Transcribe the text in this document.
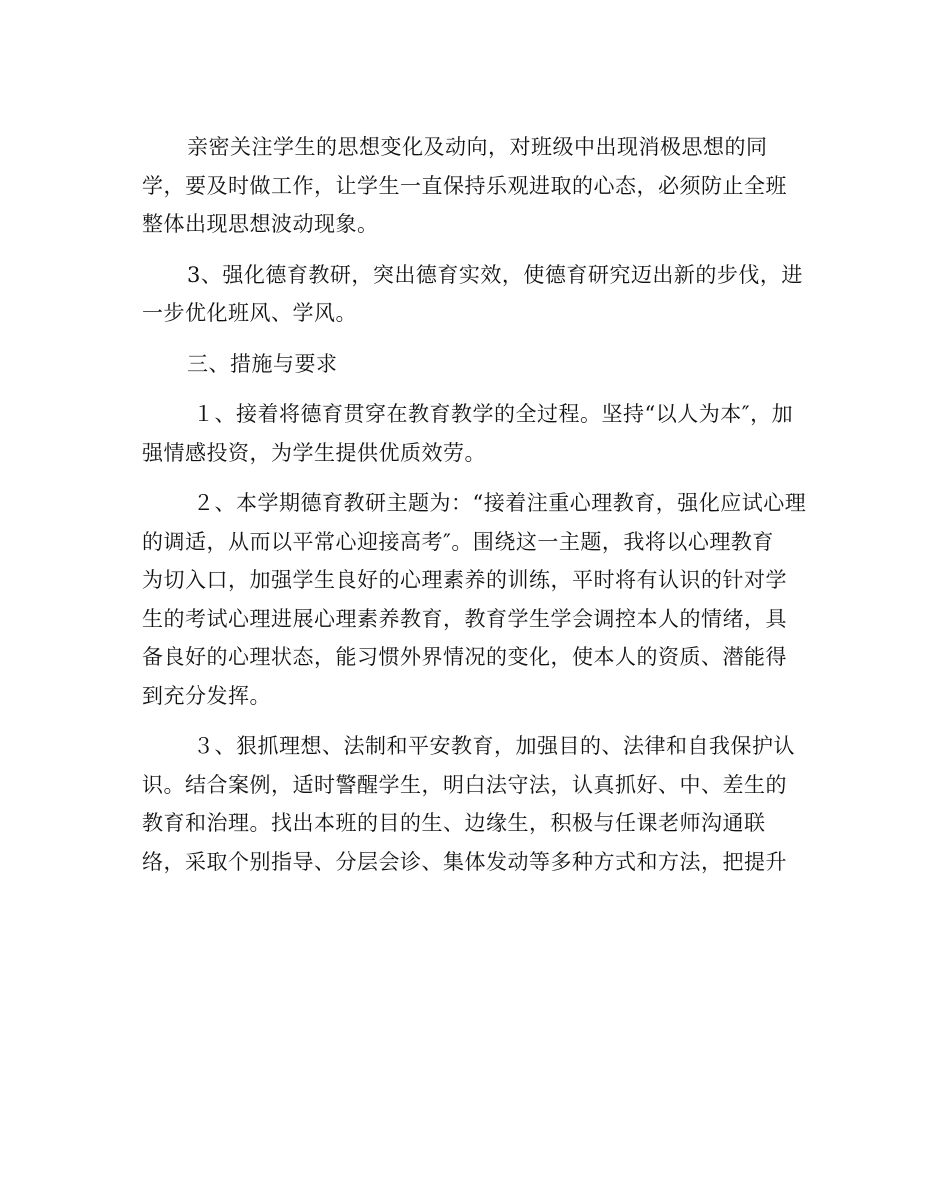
亲密关注学生的思想变化及动向，对班级中出现消极思想的同
学，要及时做工作，让学生一直保持乐观进取的心态，必须防止全班
整体出现思想波动现象。
3、强化德育教研，突出德育实效，使德育研究迈出新的步伐，进
一步优化班风、学风。
三、措施与要求
１、接着将德育贯穿在教育教学的全过程。坚持“以人为本″，加
强情感投资，为学生提供优质效劳。
２、本学期德育教研主题为：“接着注重心理教育，强化应试心理
的调适，从而以平常心迎接高考″。围绕这一主题，我将以心理教育
为切入口，加强学生良好的心理素养的训练，平时将有认识的针对学
生的考试心理进展心理素养教育，教育学生学会调控本人的情绪，具
备良好的心理状态，能习惯外界情况的变化，使本人的资质、潜能得
到充分发挥。
３、狠抓理想、法制和平安教育，加强目的、法律和自我保护认
识。结合案例，适时警醒学生，明白法守法，认真抓好、中、差生的
教育和治理。找出本班的目的生、边缘生，积极与任课老师沟通联
络，采取个别指导、分层会诊、集体发动等多种方式和方法，把提升
